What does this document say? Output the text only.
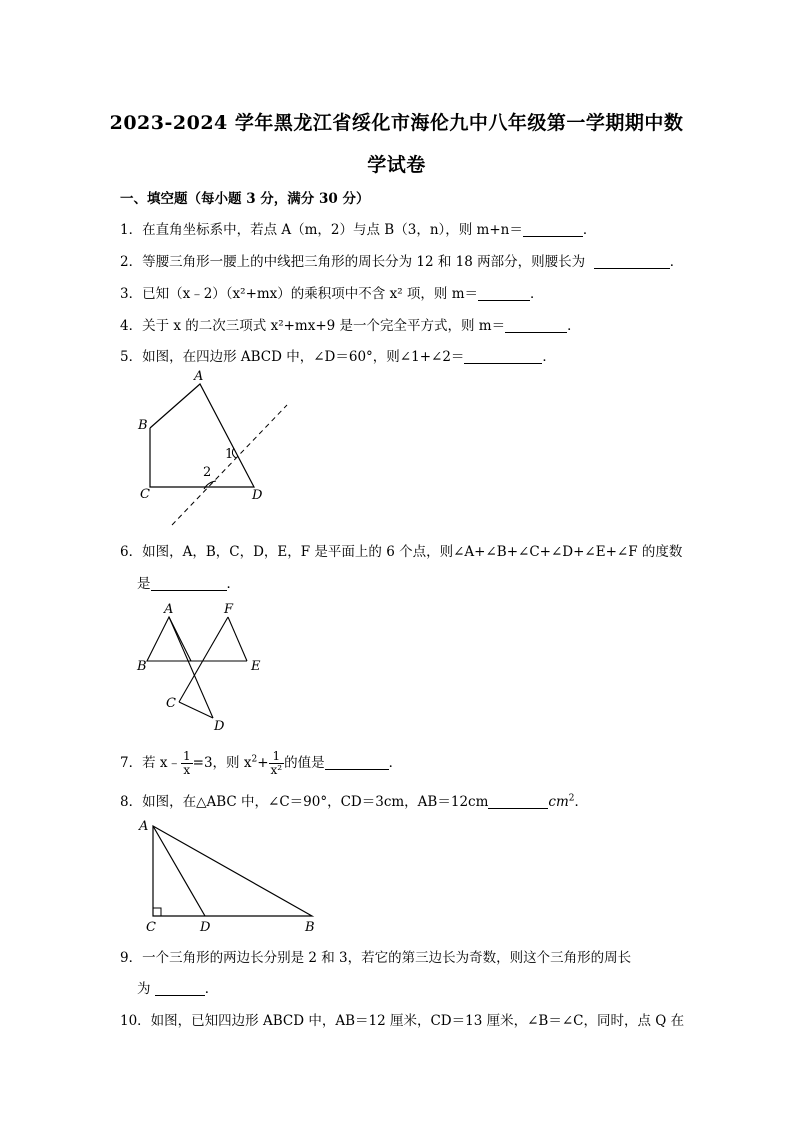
2023-2024 学年黑龙江省绥化市海伦九中八年级第一学期期中数
学试卷
一、填空题（每小题 3 分，满分 30 分）
1．在直角坐标系中，若点 A（m，2）与点 B（3，n），则 m+n＝	．
2．等腰三角形一腰上的中线把三角形的周长分为 12 和 18 两部分，则腰长为	．
3．已知（x﹣2）（x²+mx）的乘积项中不含 x² 项，则 m＝	．
4．关于 x 的二次三项式 x²+mx+9 是一个完全平方式，则 m＝	．
5．如图，在四边形 ABCD 中，∠D＝60°，则∠1+∠2＝	．
A
B
C	D
1
2
6．如图，A，B，C，D，E，F 是平面上的 6 个点，则∠A+∠B+∠C+∠D+∠E+∠F 的度数
是	．
A
B
C
D
E
F
7．若 x﹣ $\frac{1}{x} =3$，则 $x^2+ \frac{1}{\text{x²}}$ 的值是	．
8．如图，在△ABC 中，∠C＝90°，CD＝3cm，AB＝12cm	$cm^2$．
A
C	D	B
9．一个三角形的两边长分别是 2 和 3，若它的第三边长为奇数，则这个三角形的周长
为	．
10．如图，已知四边形 ABCD 中，AB＝12 厘米，CD＝13 厘米，∠B＝∠C，同时，点 Q 在
